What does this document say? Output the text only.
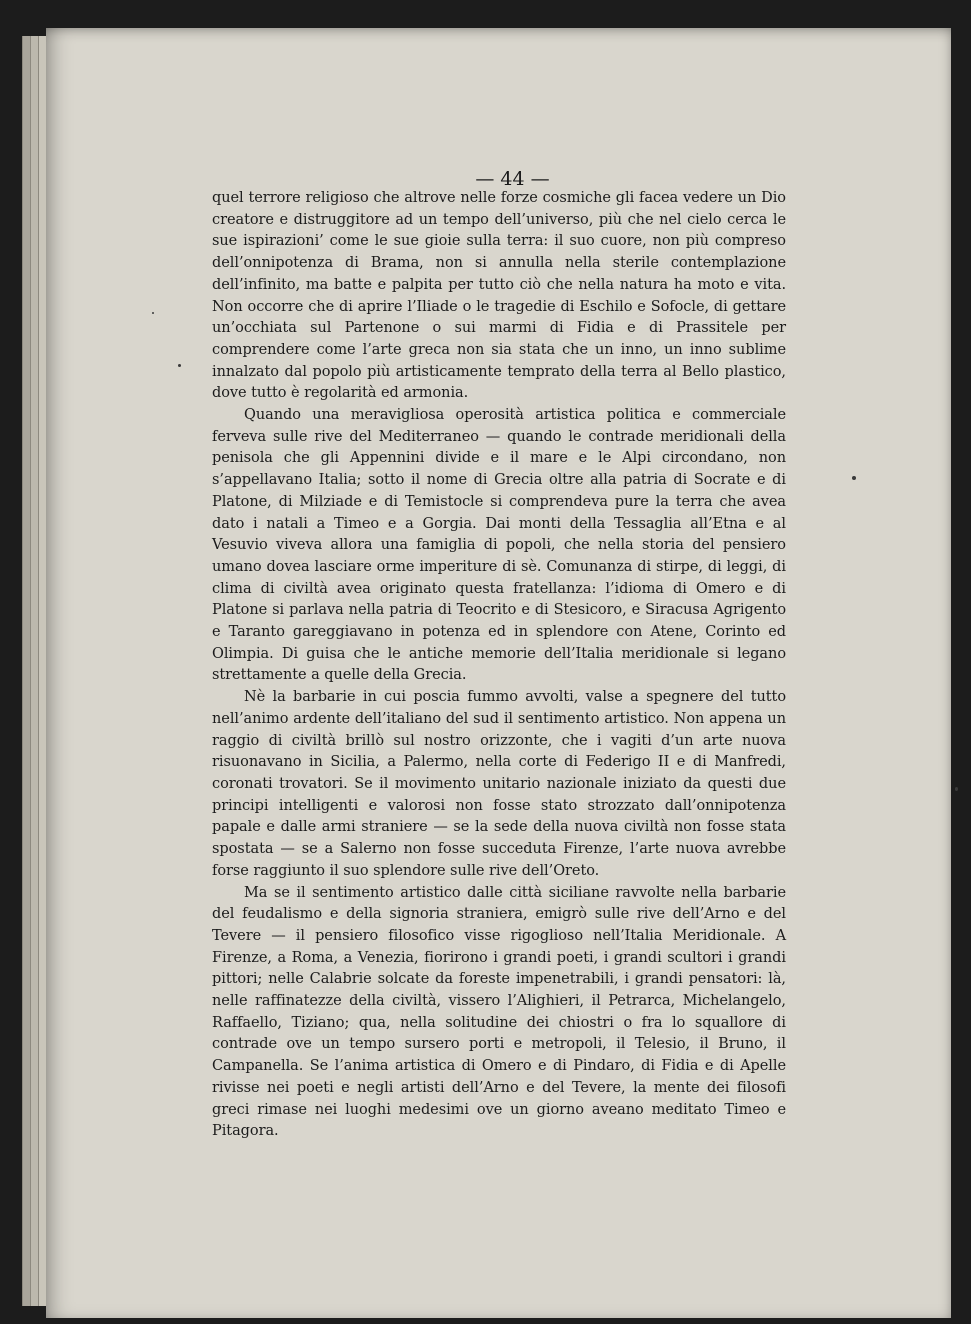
— 44 —

quel terrore religioso che altrove nelle forze cosmiche gli facea vedere un Dio creatore e distruggitore ad un tempo dell’universo, più che nel cielo cerca le sue ispirazioni’ come le sue gioie sulla terra: il suo cuore, non più compreso dell’onnipotenza di Brama, non si annulla nella sterile contemplazione dell’infinito, ma batte e palpita per tutto ciò che nella natura ha moto e vita. Non occorre che di aprire l’Iliade o le tragedie di Eschilo e Sofocle, di gettare un’occhiata sul Partenone o sui marmi di Fidia e di Prassitele per comprendere come l’arte greca non sia stata che un inno, un inno sublime innalzato dal popolo più artisticamente temprato della terra al Bello plastico, dove tutto è regolarità ed armonia.

Quando una meravigliosa operosità artistica politica e commerciale ferveva sulle rive del Mediterraneo — quando le contrade meridionali della penisola che gli Appennini divide e il mare e le Alpi circondano, non s’appellavano Italia; sotto il nome di Grecia oltre alla patria di Socrate e di Platone, di Milziade e di Temistocle si comprendeva pure la terra che avea dato i natali a Timeo e a Gorgia. Dai monti della Tessaglia all’Etna e al Vesuvio viveva allora una famiglia di popoli, che nella storia del pensiero umano dovea lasciare orme imperiture di sè. Comunanza di stirpe, di leggi, di clima di civiltà avea originato questa fratellanza: l’idioma di Omero e di Platone si parlava nella patria di Teocrito e di Stesicoro, e Siracusa Agrigento e Taranto gareggiavano in potenza ed in splendore con Atene, Corinto ed Olimpia. Di guisa che le antiche memorie dell’Italia meridionale si legano strettamente a quelle della Grecia.

Nè la barbarie in cui poscia fummo avvolti, valse a spegnere del tutto nell’animo ardente dell’italiano del sud il sentimento artistico. Non appena un raggio di civiltà brillò sul nostro orizzonte, che i vagiti d’un arte nuova risuonavano in Sicilia, a Palermo, nella corte di Federigo II e di Manfredi, coronati trovatori. Se il movimento unitario nazionale iniziato da questi due principi intelligenti e valorosi non fosse stato strozzato dall’onnipotenza papale e dalle armi straniere — se la sede della nuova civiltà non fosse stata spostata — se a Salerno non fosse succeduta Firenze, l’arte nuova avrebbe forse raggiunto il suo splendore sulle rive dell’Oreto.

Ma se il sentimento artistico dalle città siciliane ravvolte nella barbarie del feudalismo e della signoria straniera, emigrò sulle rive dell’Arno e del Tevere — il pensiero filosofico visse rigoglioso nell’Italia Meridionale. A Firenze, a Roma, a Venezia, fiorirono i grandi poeti, i grandi scultori i grandi pittori; nelle Calabrie solcate da foreste impenetrabili, i grandi pensatori: là, nelle raffinatezze della civiltà, vissero l’Alighieri, il Petrarca, Michelangelo, Raffaello, Tiziano; qua, nella solitudine dei chiostri o fra lo squallore di contrade ove un tempo sursero porti e metropoli, il Telesio, il Bruno, il Campanella. Se l’anima artistica di Omero e di Pindaro, di Fidia e di Apelle rivisse nei poeti e negli artisti dell’Arno e del Tevere, la mente dei filosofi greci rimase nei luoghi medesimi ove un giorno aveano meditato Timeo e Pitagora.
